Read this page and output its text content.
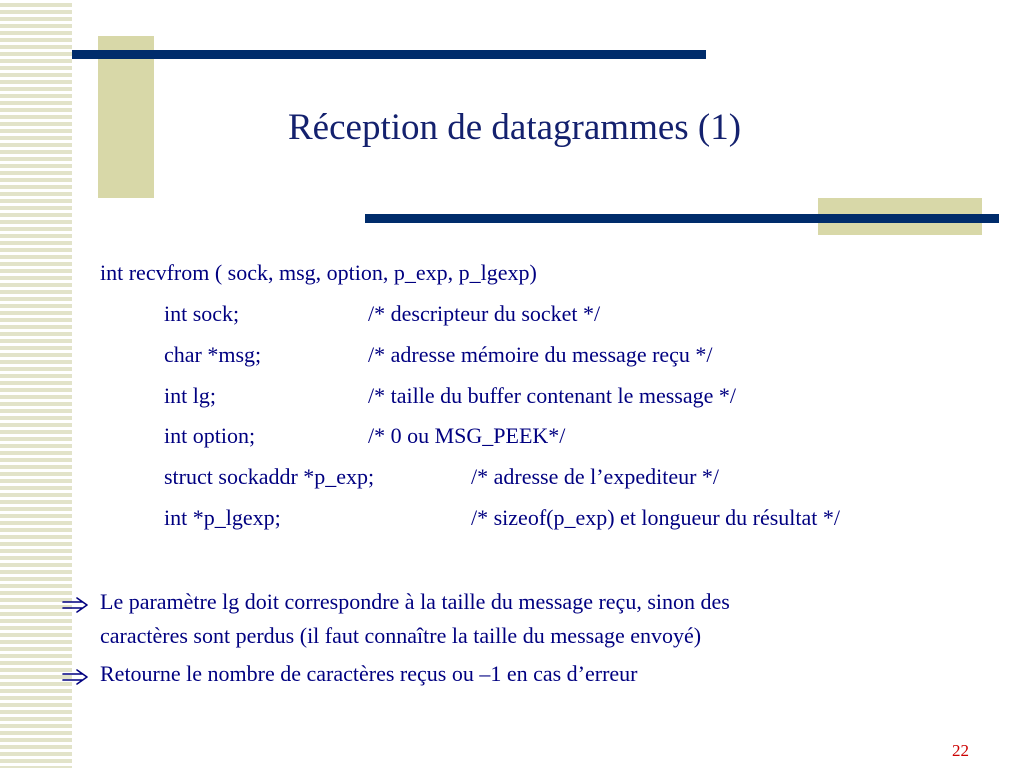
Réception de datagrammes (1)
int recvfrom ( sock, msg, option, p_exp, p_lgexp)
int sock;	/* descripteur du socket */
char *msg;	/* adresse mémoire du message reçu */
int lg;	/* taille du buffer contenant le message */
int option;	/* 0 ou MSG_PEEK*/
struct sockaddr *p_exp;	/* adresse de l’expediteur */
int *p_lgexp;	/* sizeof(p_exp) et longueur du résultat */
Le paramètre lg doit correspondre à la taille du message reçu, sinon des
caractères sont perdus (il faut connaître la taille du message envoyé)
Retourne le nombre de caractères reçus ou –1 en cas d’erreur
22
